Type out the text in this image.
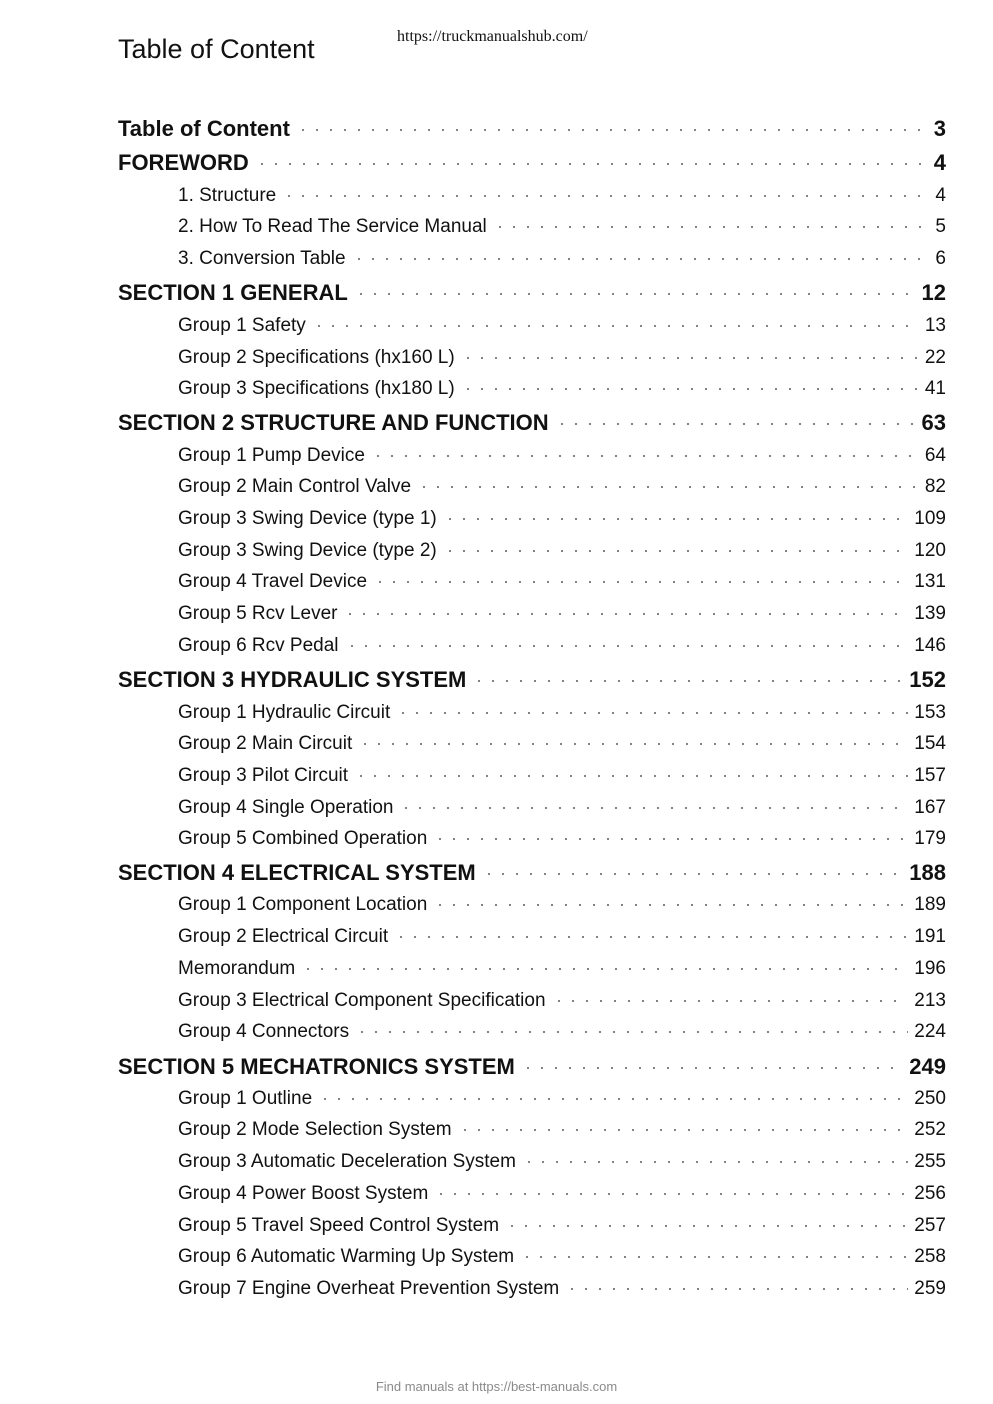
Table of Content	https://truckmanualshub.com/
Table of Content	3
FOREWORD	4
1. Structure	4
2. How To Read The Service Manual	5
3. Conversion Table	6
SECTION 1 GENERAL	12
Group 1 Safety	13
Group 2 Specifications (hx160 L)	22
Group 3 Specifications (hx180 L)	41
SECTION 2 STRUCTURE AND FUNCTION	63
Group 1 Pump Device	64
Group 2 Main Control Valve	82
Group 3 Swing Device (type 1)	109
Group 3 Swing Device (type 2)	120
Group 4 Travel Device	131
Group 5 Rcv Lever	139
Group 6 Rcv Pedal	146
SECTION 3 HYDRAULIC SYSTEM	152
Group 1 Hydraulic Circuit	153
Group 2 Main Circuit	154
Group 3 Pilot Circuit	157
Group 4 Single Operation	167
Group 5 Combined Operation	179
SECTION 4 ELECTRICAL SYSTEM	188
Group 1 Component Location	189
Group 2 Electrical Circuit	191
Memorandum	196
Group 3 Electrical Component Specification	213
Group 4 Connectors	224
SECTION 5 MECHATRONICS SYSTEM	249
Group 1 Outline	250
Group 2 Mode Selection System	252
Group 3 Automatic Deceleration System	255
Group 4 Power Boost System	256
Group 5 Travel Speed Control System	257
Group 6 Automatic Warming Up System	258
Group 7 Engine Overheat Prevention System	259
Find manuals at https://best-manuals.com
